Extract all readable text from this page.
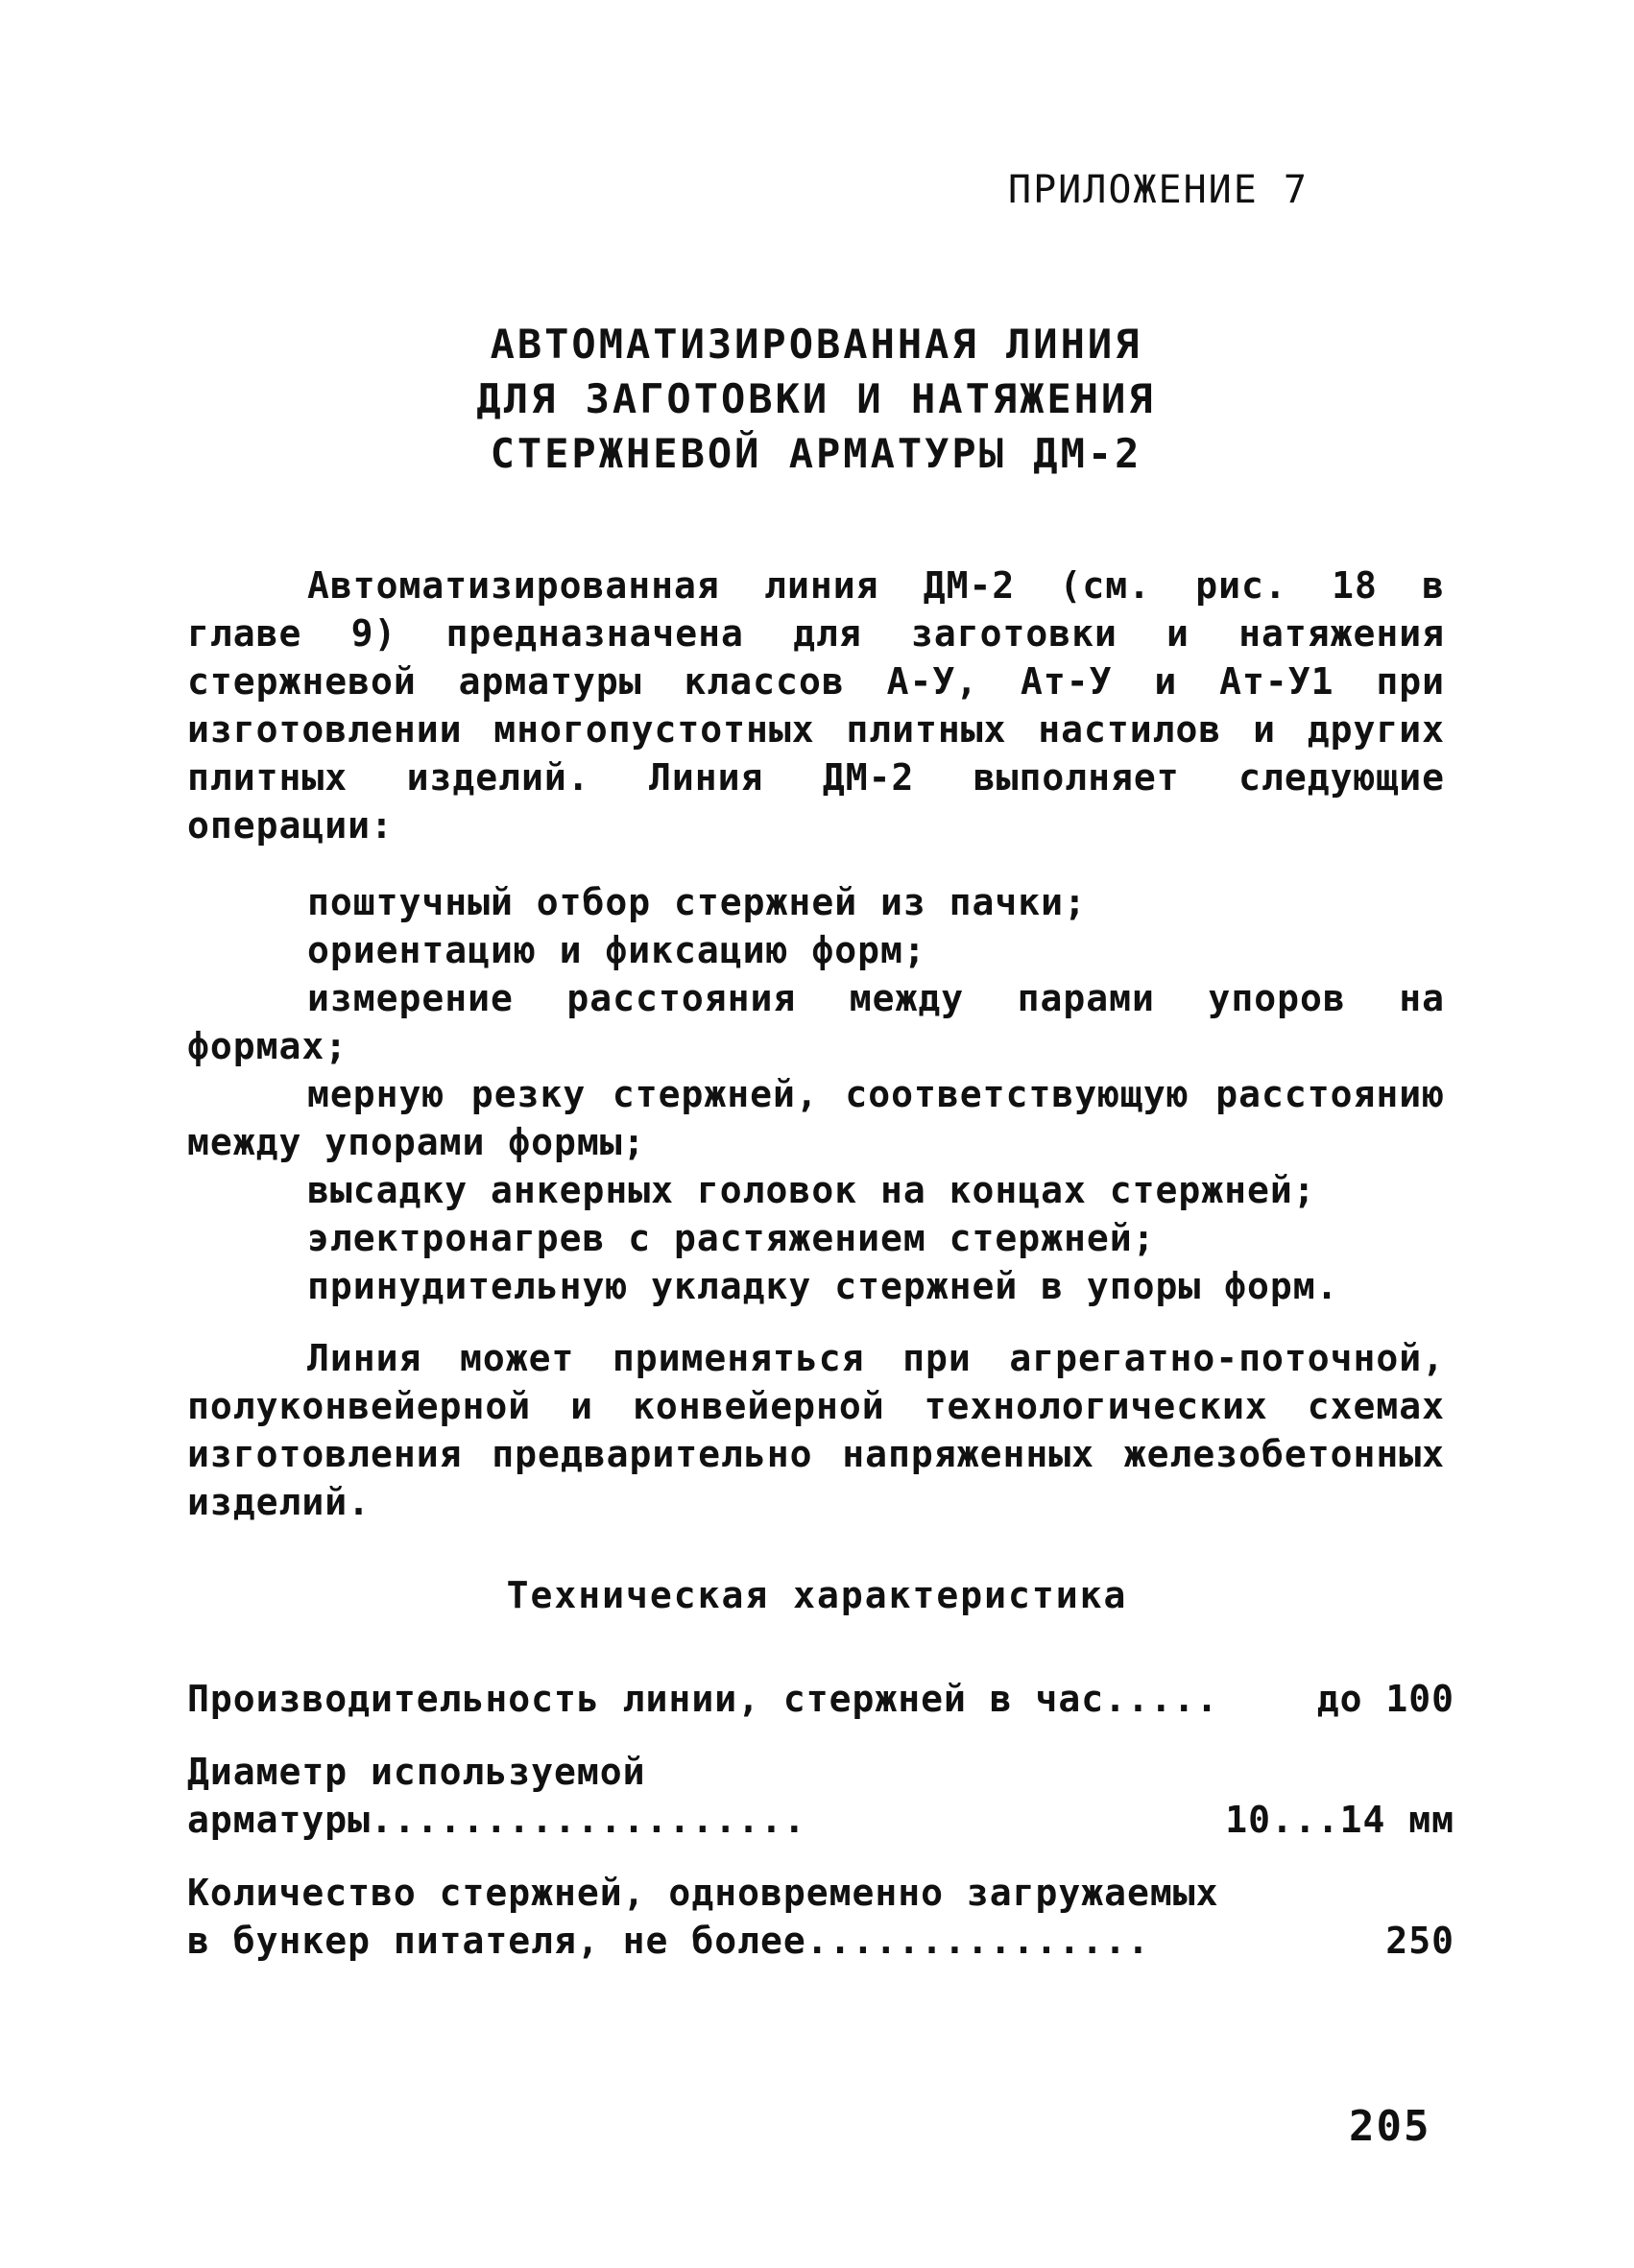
ПРИЛОЖЕНИЕ 7
АВТОМАТИЗИРОВАННАЯ ЛИНИЯ
ДЛЯ ЗАГОТОВКИ И НАТЯЖЕНИЯ
СТЕРЖНЕВОЙ АРМАТУРЫ ДМ-2

Автоматизированная линия ДМ-2 (см. рис. 18 в главе 9) предназначена для заготовки и натяжения стержневой арматуры классов А-У, Ат-У и Ат-У1 при изготовлении многопустотных плитных настилов и других плитных изделий. Линия ДМ-2 выполняет следующие операции:

поштучный отбор стержней из пачки;
ориентацию и фиксацию форм;
измерение расстояния между парами упоров на формах;
мерную резку стержней, соответствующую расстоянию между упорами формы;
высадку анкерных головок на концах стержней;
электронагрев с растяжением стержней;
принудительную укладку стержней в упоры форм.

Линия может применяться при агрегатно-поточной, полуконвейерной и конвейерной технологических схемах изготовления предварительно напряженных железобетонных изделий.

Техническая характеристика
Производительность линии, стержней в час.....	до 100
Диаметр используемой арматуры...................	10...14 мм
Количество стержней, одновременно загружаемых в бункер питателя, не более...............	250
205
